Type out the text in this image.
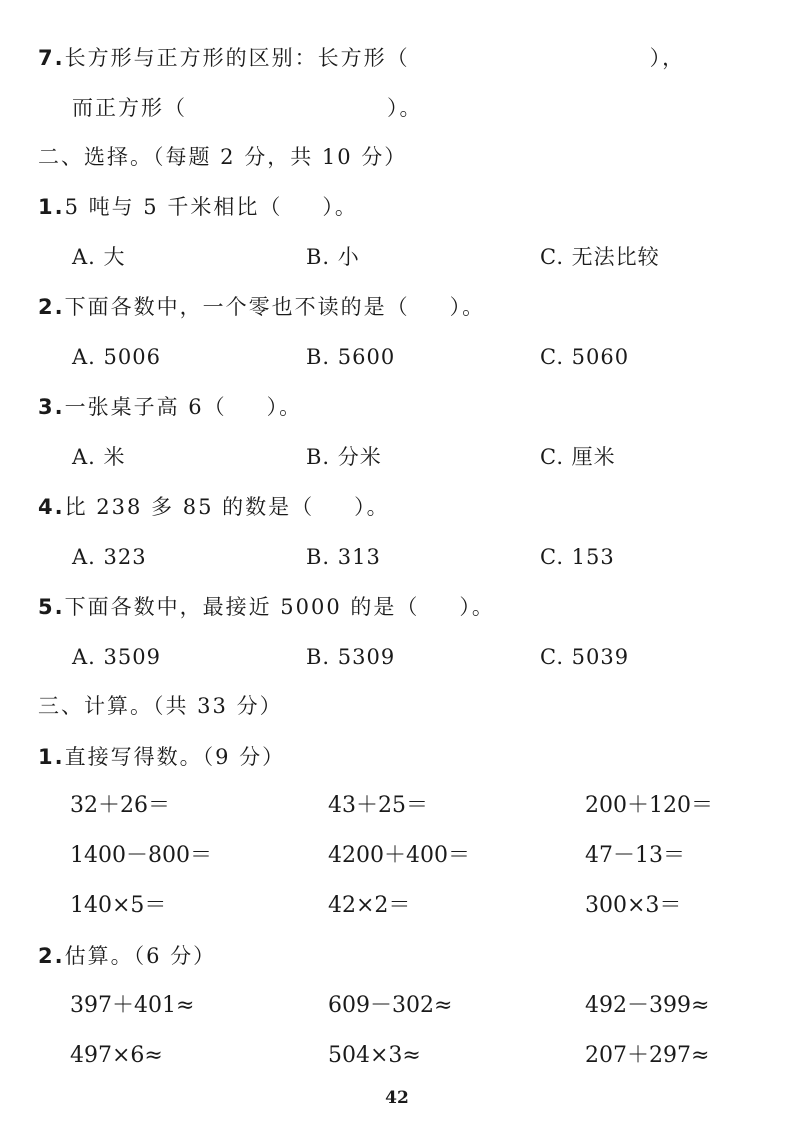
7.长方形与正方形的区别：长方形（	），
而正方形（	）。
二、选择。（每题 2 分，共 10 分）
1.5 吨与 5 千米相比（ ）。
A. 大	B. 小	C. 无法比较
2.下面各数中，一个零也不读的是（ ）。
A. 5006	B. 5600	C. 5060
3.一张桌子高 6（ ）。
A. 米	B. 分米	C. 厘米
4.比 238 多 85 的数是（ ）。
A. 323	B. 313	C. 153
5.下面各数中，最接近 5000 的是（ ）。
A. 3509	B. 5309	C. 5039
三、计算。（共 33 分）
1.直接写得数。（9 分）
32＋26＝	43＋25＝	200＋120＝
1400－800＝	4200＋400＝	47－13＝
140×5＝	42×2＝	300×3＝
2.估算。（6 分）
397＋401≈	609－302≈	492－399≈
497×6≈	504×3≈	207＋297≈
42
